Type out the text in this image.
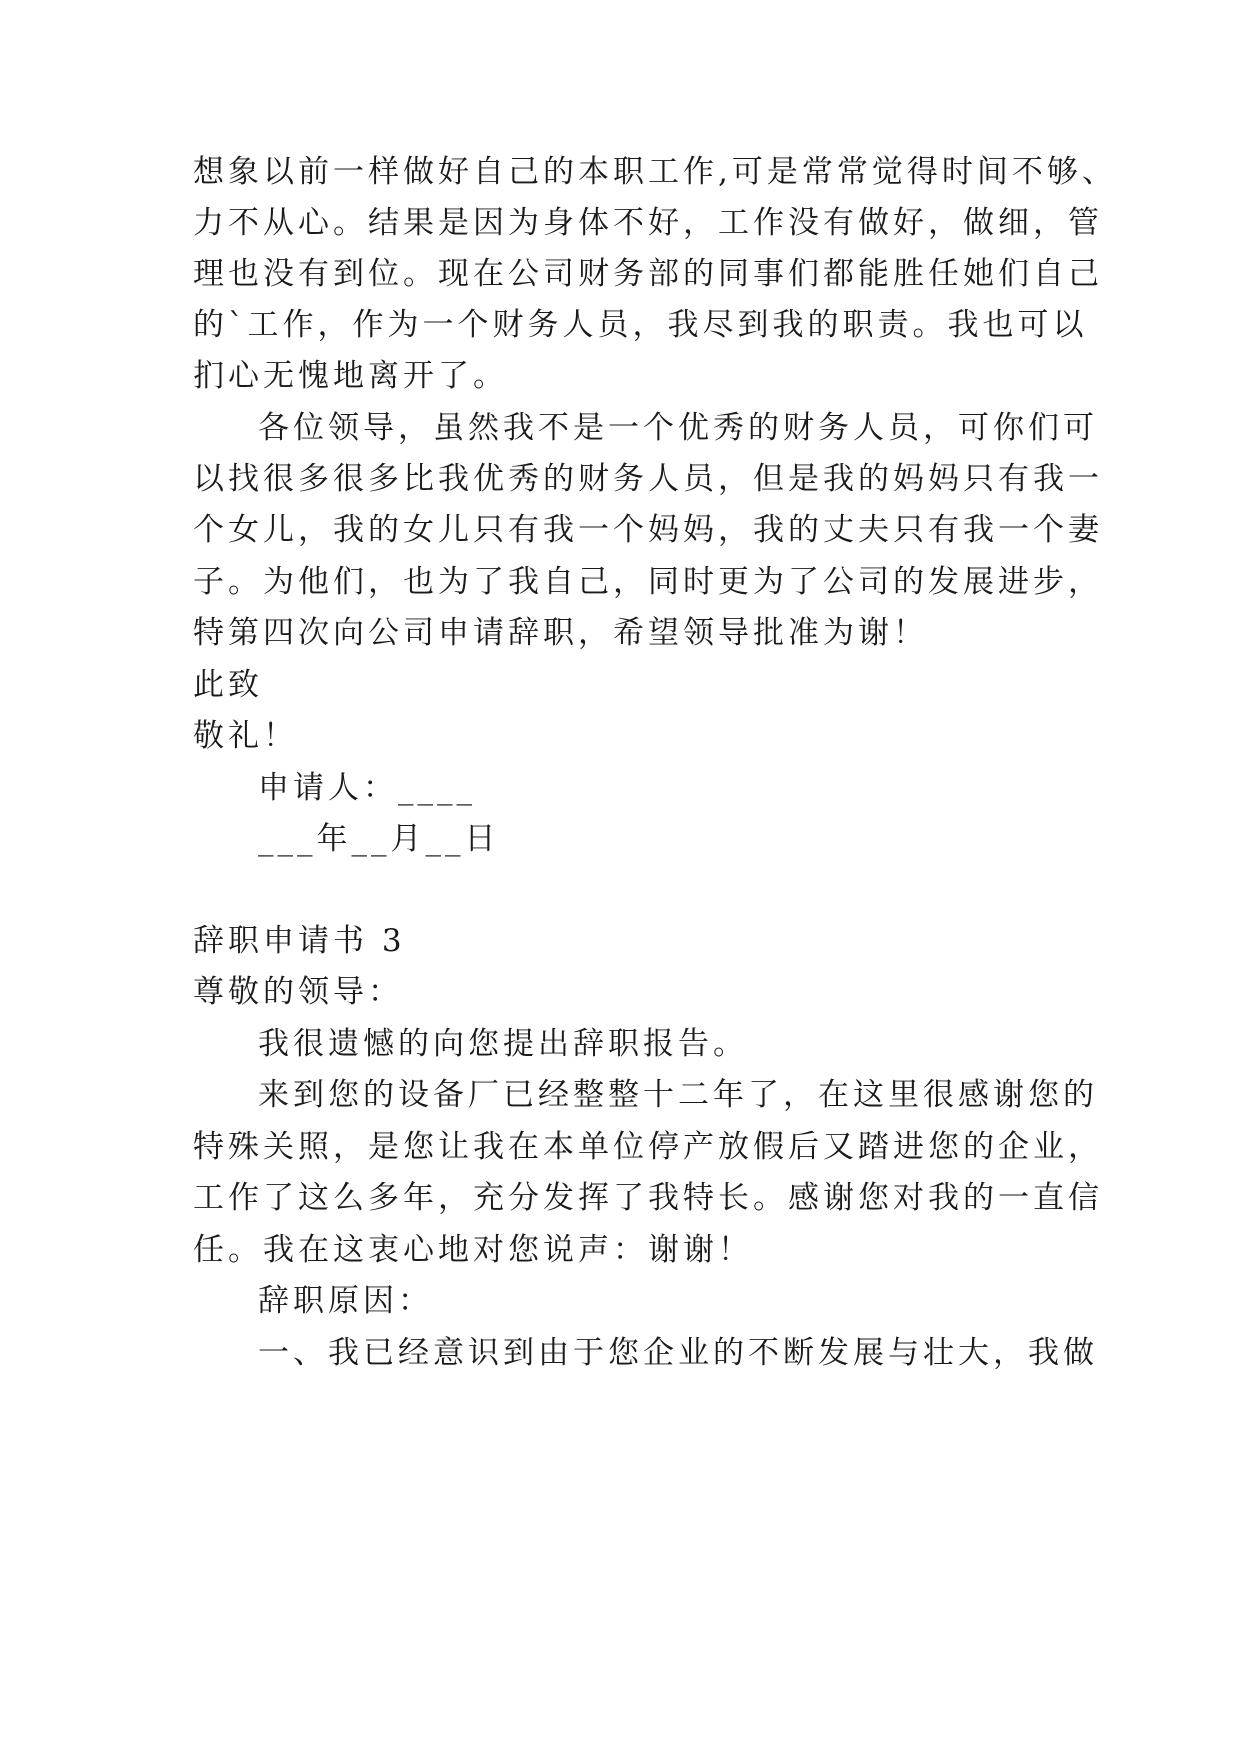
想象以前一样做好自己的本职工作,可是常常觉得时间不够、
力不从心。结果是因为身体不好，工作没有做好，做细，管
理也没有到位。现在公司财务部的同事们都能胜任她们自己
的`工作，作为一个财务人员，我尽到我的职责。我也可以
扪心无愧地离开了。
各位领导，虽然我不是一个优秀的财务人员，可你们可
以找很多很多比我优秀的财务人员，但是我的妈妈只有我一
个女儿，我的女儿只有我一个妈妈，我的丈夫只有我一个妻
子。为他们，也为了我自己，同时更为了公司的发展进步，
特第四次向公司申请辞职，希望领导批准为谢！
此致
敬礼！
申请人：____
___年__月__日
辞职申请书 3
尊敬的领导：
我很遗憾的向您提出辞职报告。
来到您的设备厂已经整整十二年了，在这里很感谢您的
特殊关照，是您让我在本单位停产放假后又踏进您的企业，
工作了这么多年，充分发挥了我特长。感谢您对我的一直信
任。我在这衷心地对您说声：谢谢！
辞职原因：
一、我已经意识到由于您企业的不断发展与壮大，我做
